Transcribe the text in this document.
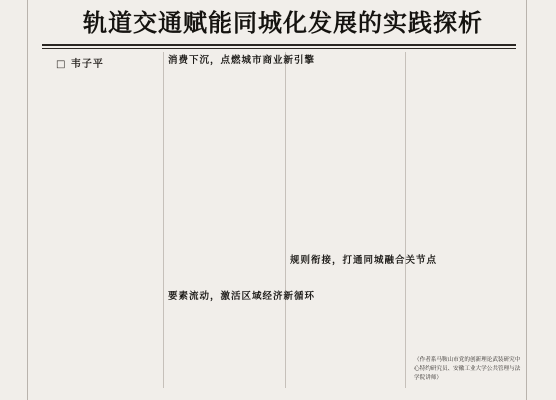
轨道交通赋能同城化发展的实践探析
□ 韦子平	消费下沉，点燃城市商业新引擎
要素流动，激活区域经济新循环
规则衔接，打通同城融合关节点

（作者系马鞍山市党的创新理论武装研究中心特约研究员、安徽工业大学公共管理与法学院讲师）
